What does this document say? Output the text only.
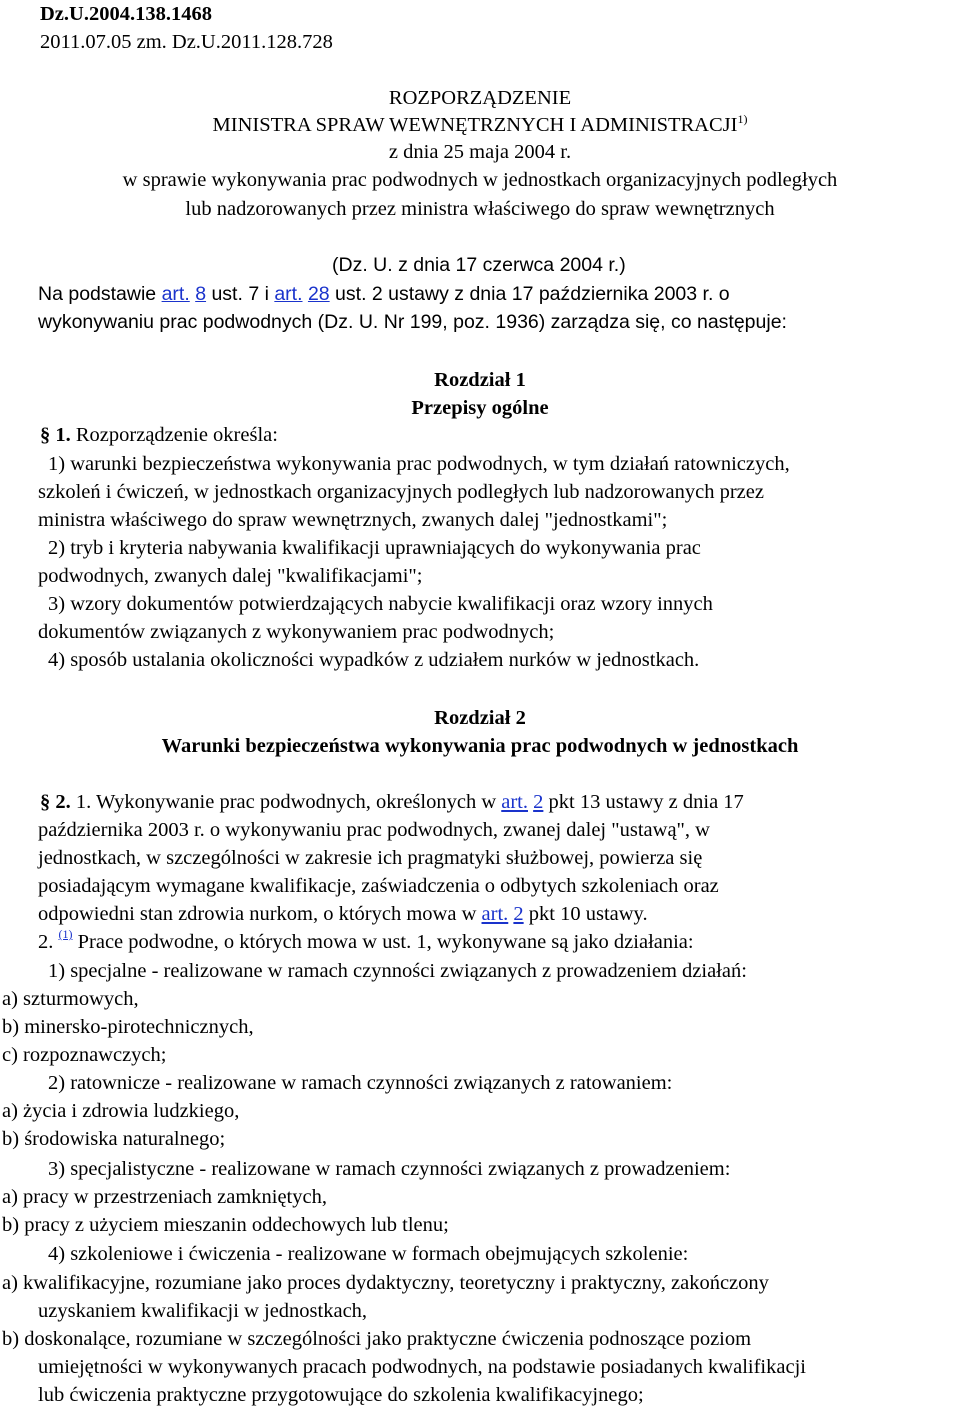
Dz.U.2004.138.1468
2011.07.05 zm. Dz.U.2011.128.728
ROZPORZĄDZENIE
MINISTRA SPRAW WEWNĘTRZNYCH I ADMINISTRACJI$^{1)}$
z dnia 25 maja 2004 r.
w sprawie wykonywania prac podwodnych w jednostkach organizacyjnych podległych
lub nadzorowanych przez ministra właściwego do spraw wewnętrznych
(Dz. U. z dnia 17 czerwca 2004 r.)
Na podstawie art. 8 ust. 7 i art. 28 ust. 2 ustawy z dnia 17 października 2003 r. o
wykonywaniu prac podwodnych (Dz. U. Nr 199, poz. 1936) zarządza się, co następuje:
Rozdział 1
Przepisy ogólne
§ 1. Rozporządzenie określa:
1) warunki bezpieczeństwa wykonywania prac podwodnych, w tym działań ratowniczych,
szkoleń i ćwiczeń, w jednostkach organizacyjnych podległych lub nadzorowanych przez
ministra właściwego do spraw wewnętrznych, zwanych dalej "jednostkami";
2) tryb i kryteria nabywania kwalifikacji uprawniających do wykonywania prac
podwodnych, zwanych dalej "kwalifikacjami";
3) wzory dokumentów potwierdzających nabycie kwalifikacji oraz wzory innych
dokumentów związanych z wykonywaniem prac podwodnych;
4) sposób ustalania okoliczności wypadków z udziałem nurków w jednostkach.
Rozdział 2
Warunki bezpieczeństwa wykonywania prac podwodnych w jednostkach
§ 2. 1. Wykonywanie prac podwodnych, określonych w art. 2 pkt 13 ustawy z dnia 17
października 2003 r. o wykonywaniu prac podwodnych, zwanej dalej "ustawą", w
jednostkach, w szczególności w zakresie ich pragmatyki służbowej, powierza się
posiadającym wymagane kwalifikacje, zaświadczenia o odbytych szkoleniach oraz
odpowiedni stan zdrowia nurkom, o których mowa w art. 2 pkt 10 ustawy.
2. $^{(1)}$ Prace podwodne, o których mowa w ust. 1, wykonywane są jako działania:
1) specjalne - realizowane w ramach czynności związanych z prowadzeniem działań:
a) szturmowych,
b) minersko-pirotechnicznych,
c) rozpoznawczych;
2) ratownicze - realizowane w ramach czynności związanych z ratowaniem:
a) życia i zdrowia ludzkiego,
b) środowiska naturalnego;
3) specjalistyczne - realizowane w ramach czynności związanych z prowadzeniem:
a) pracy w przestrzeniach zamkniętych,
b) pracy z użyciem mieszanin oddechowych lub tlenu;
4) szkoleniowe i ćwiczenia - realizowane w formach obejmujących szkolenie:
a) kwalifikacyjne, rozumiane jako proces dydaktyczny, teoretyczny i praktyczny, zakończony
uzyskaniem kwalifikacji w jednostkach,
b) doskonalące, rozumiane w szczególności jako praktyczne ćwiczenia podnoszące poziom
umiejętności w wykonywanych pracach podwodnych, na podstawie posiadanych kwalifikacji
lub ćwiczenia praktyczne przygotowujące do szkolenia kwalifikacyjnego;
